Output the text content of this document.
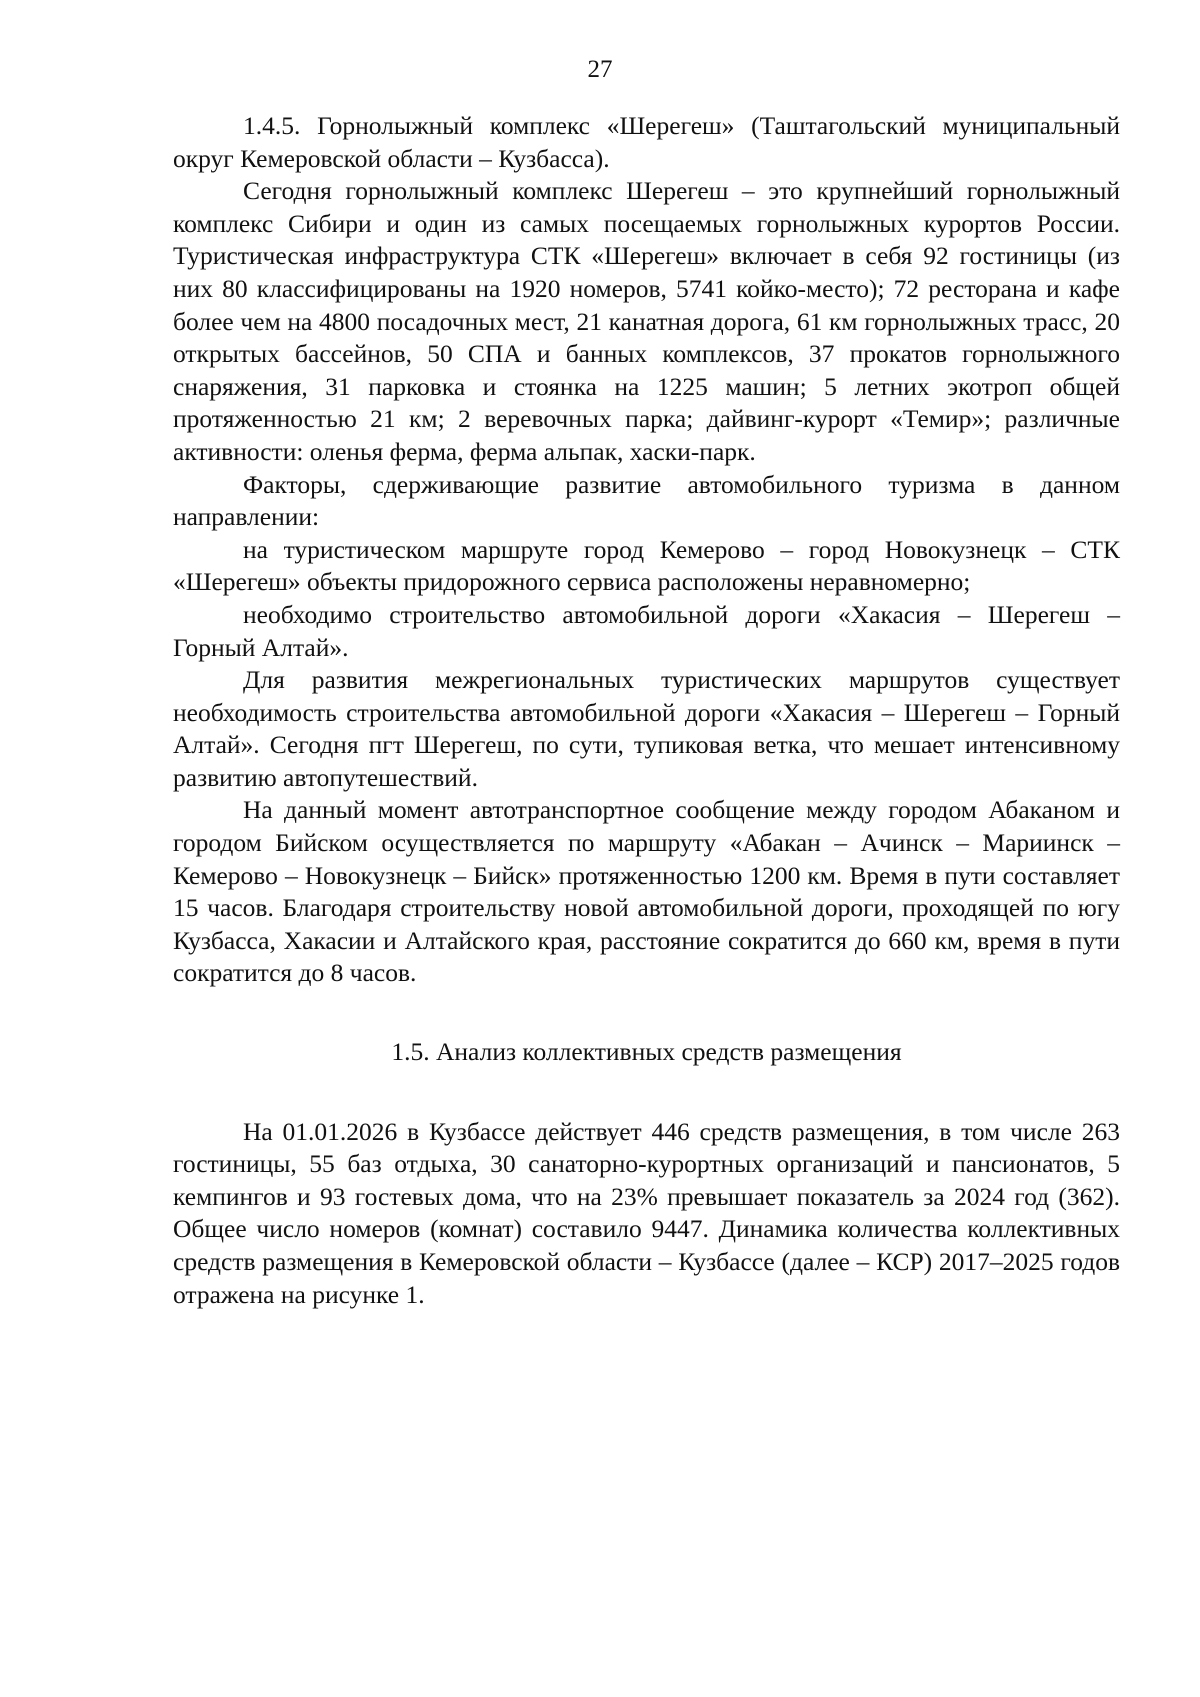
27

1.4.5. Горнолыжный комплекс «Шерегеш» (Таштагольский муниципальный округ Кемеровской области – Кузбасса).

Сегодня горнолыжный комплекс Шерегеш – это крупнейший горнолыжный комплекс Сибири и один из самых посещаемых горнолыжных курортов России. Туристическая инфраструктура СТК «Шерегеш» включает в себя 92 гостиницы (из них 80 классифицированы на 1920 номеров, 5741 койко-место); 72 ресторана и кафе более чем на 4800 посадочных мест, 21 канатная дорога, 61 км горнолыжных трасс, 20 открытых бассейнов, 50 СПА и банных комплексов, 37 прокатов горнолыжного снаряжения, 31 парковка и стоянка на 1225 машин; 5 летних экотроп общей протяженностью 21 км; 2 веревочных парка; дайвинг-курорт «Темир»; различные активности: оленья ферма, ферма альпак, хаски-парк.

Факторы, сдерживающие развитие автомобильного туризма в данном направлении:

на туристическом маршруте город Кемерово – город Новокузнецк – СТК «Шерегеш» объекты придорожного сервиса расположены неравномерно;

необходимо строительство автомобильной дороги «Хакасия – Шерегеш – Горный Алтай».

Для развития межрегиональных туристических маршрутов существует необходимость строительства автомобильной дороги «Хакасия – Шерегеш – Горный Алтай». Сегодня пгт Шерегеш, по сути, тупиковая ветка, что мешает интенсивному развитию автопутешествий.

На данный момент автотранспортное сообщение между городом Абаканом и городом Бийском осуществляется по маршруту «Абакан – Ачинск – Мариинск – Кемерово – Новокузнецк – Бийск» протяженностью 1200 км. Время в пути составляет 15 часов. Благодаря строительству новой автомобильной дороги, проходящей по югу Кузбасса, Хакасии и Алтайского края, расстояние сократится до 660 км, время в пути сократится до 8 часов.

1.5. Анализ коллективных средств размещения

На 01.01.2026 в Кузбассе действует 446 средств размещения, в том числе 263 гостиницы, 55 баз отдыха, 30 санаторно-курортных организаций и пансионатов, 5 кемпингов и 93 гостевых дома, что на 23% превышает показатель за 2024 год (362). Общее число номеров (комнат) составило 9447. Динамика количества коллективных средств размещения в Кемеровской области – Кузбассе (далее – КСР) 2017–2025 годов отражена на рисунке 1.
